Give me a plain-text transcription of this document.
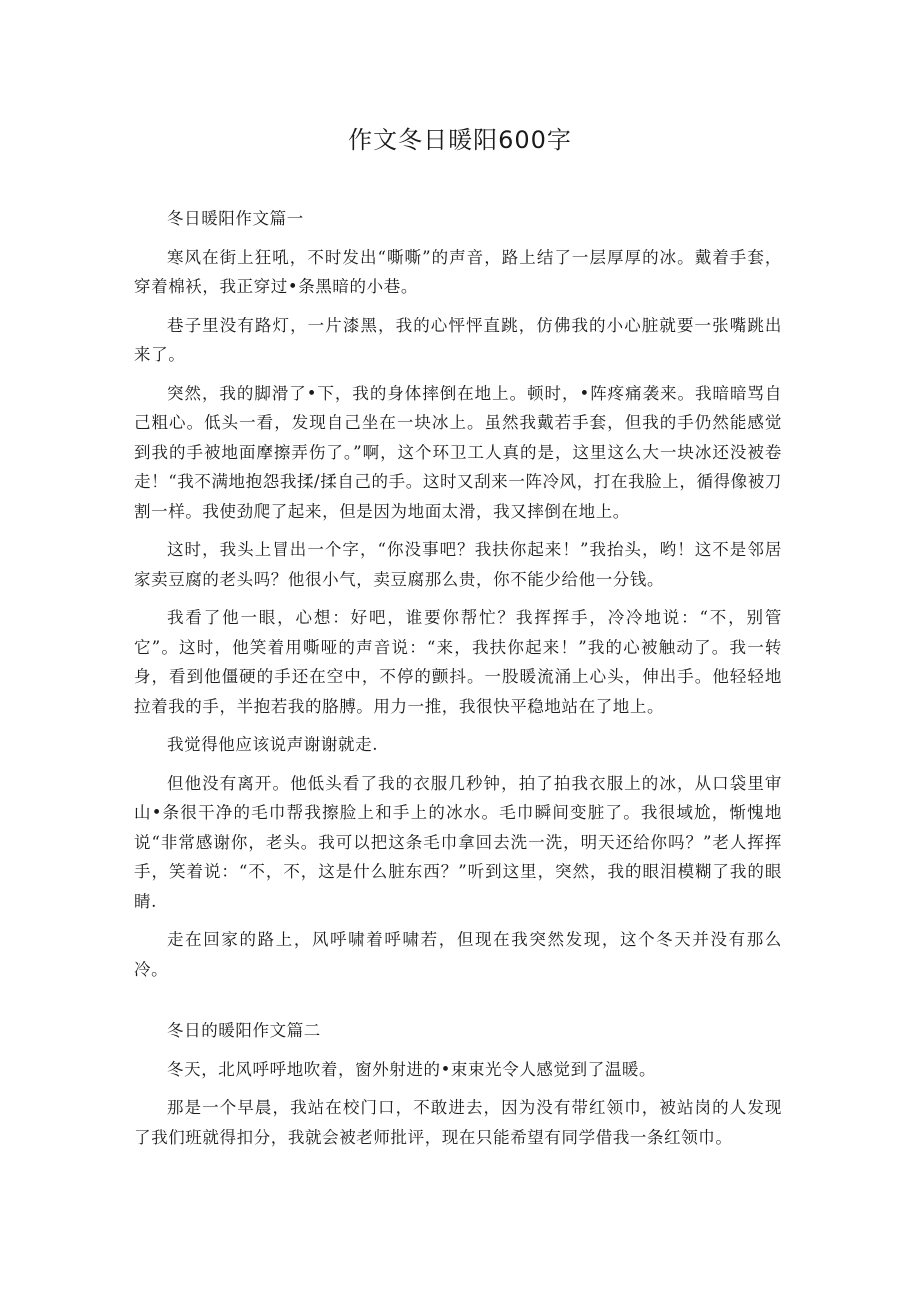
作文冬日暖阳600字

冬日暖阳作文篇一

寒风在街上狂吼，不时发出“嘶嘶”的声音，路上结了一层厚厚的冰。戴着手套，穿着棉袄，我正穿过•条黑暗的小巷。

巷子里没有路灯，一片漆黑，我的心怦怦直跳，仿佛我的小心脏就要一张嘴跳出来了。

突然，我的脚滑了•下，我的身体摔倒在地上。顿时，•阵疼痛袭来。我暗暗骂自己粗心。低头一看，发现自己坐在一块冰上。虽然我戴若手套，但我的手仍然能感觉到我的手被地面摩擦弄伤了。”啊，这个环卫工人真的是，这里这么大一块冰还没被卷走！“我不满地抱怨我揉/揉自己的手。这时又刮来一阵冷风，打在我脸上，循得像被刀割一样。我使劲爬了起来，但是因为地面太滑，我又摔倒在地上。

这时，我头上冒出一个字，“你没事吧？我扶你起来！”我抬头，哟！这不是邻居家卖豆腐的老头吗？他很小气，卖豆腐那么贵，你不能少给他一分钱。

我看了他一眼，心想：好吧，谁要你帮忙？我挥挥手，冷冷地说：“不，别管它”。这时，他笑着用嘶哑的声音说：“来，我扶你起来！”我的心被触动了。我一转身，看到他僵硬的手还在空中，不停的颤抖。一股暖流涌上心头，伸出手。他轻轻地拉着我的手，半抱若我的胳膊。用力一推，我很快平稳地站在了地上。

我觉得他应该说声谢谢就走.

但他没有离开。他低头看了我的衣服几秒钟，拍了拍我衣服上的冰，从口袋里审山•条很干净的毛巾帮我擦脸上和手上的冰水。毛巾瞬间变脏了。我很域尬，惭愧地说“非常感谢你，老头。我可以把这条毛巾拿回去洗一洗，明天还给你吗？”老人挥挥手，笑着说：“不，不，这是什么脏东西？”听到这里，突然，我的眼泪模糊了我的眼睛.

走在回家的路上，风呼啸着呼啸若，但现在我突然发现，这个冬天并没有那么冷。

冬日的暖阳作文篇二

冬天，北风呼呼地吹着，窗外射进的•束束光令人感觉到了温暖。

那是一个早晨，我站在校门口，不敢进去，因为没有带红领巾，被站岗的人发现了我们班就得扣分，我就会被老师批评，现在只能希望有同学借我一条红领巾。
